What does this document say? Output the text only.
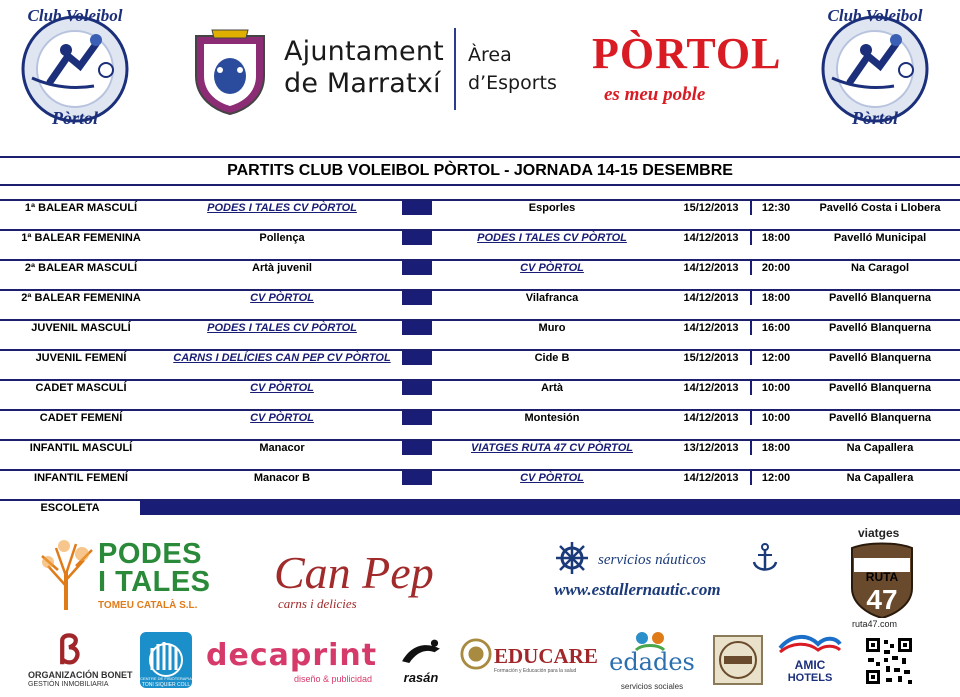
Club Voleibol
Pòrtol
Ajuntament
de Marratxí
Àrea
d’Esports
PÒRTOL
es meu poble
Club Voleibol
Pòrtol
PARTITS CLUB VOLEIBOL PÒRTOL - JORNADA 14-15 DESEMBRE
1ª BALEAR MASCULÍ	PODES I TALES CV PÒRTOL	Esporles	15/12/2013	12:30	Pavelló Costa i Llobera
1ª BALEAR FEMENINA	Pollença	PODES I TALES CV PÒRTOL	14/12/2013	18:00	Pavelló Municipal
2ª BALEAR MASCULÍ	Artà juvenil	CV PÒRTOL	14/12/2013	20:00	Na Caragol
2ª BALEAR FEMENINA	CV PÒRTOL	Vilafranca	14/12/2013	18:00	Pavelló Blanquerna
JUVENIL MASCULÍ	PODES I TALES CV PÒRTOL	Muro	14/12/2013	16:00	Pavelló Blanquerna
JUVENIL FEMENÍ	CARNS I DELÍCIES CAN PEP CV PÒRTOL	Cide B	15/12/2013	12:00	Pavelló Blanquerna
CADET MASCULÍ	CV PÒRTOL	Artà	14/12/2013	10:00	Pavelló Blanquerna
CADET FEMENÍ	CV PÒRTOL	Montesión	14/12/2013	10:00	Pavelló Blanquerna
INFANTIL MASCULÍ	Manacor	VIATGES RUTA 47 CV PÒRTOL	13/12/2013	18:00	Na Capallera
INFANTIL FEMENÍ	Manacor B	CV PÒRTOL	14/12/2013	12:00	Na Capallera
ESCOLETA
PODES
I TALES
TOMEU CATALÀ S.L.
Can Pep
carns i delicies
servicios náuticos
www.estallernautic.com
viatges
RUTA
47
ruta47.com
ORGANIZACIÓN BONET
GESTIÓN INMOBILIARIA
CENTRE DE FISIOTERAPIA
TONI SIQUIER COLL
decaprint
diseño & publicidad	rasán
EDUCARE
Formación y Educación para la salud edades
servicios sociales
AMIC
HOTELS
